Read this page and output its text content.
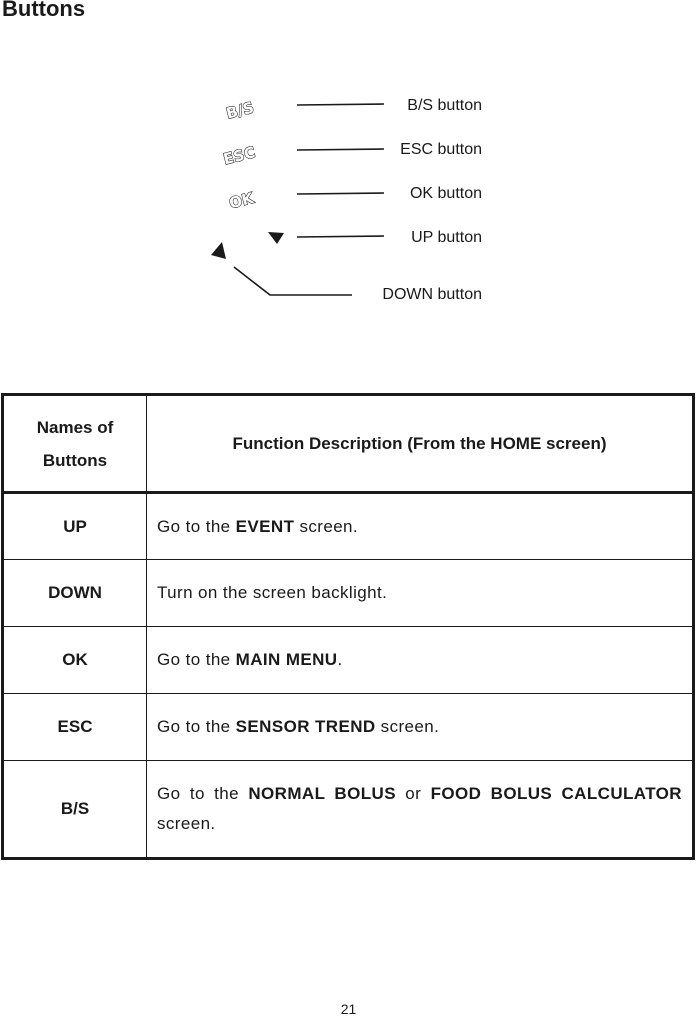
Buttons
B/S
ESC
OK
B/S button
ESC button
OK button
UP button
DOWN button
Names of
Buttons	Function Description (From the HOME screen)
UP	Go to the EVENT screen.
DOWN	Turn on the screen backlight.
OK	Go to the MAIN MENU.
ESC	Go to the SENSOR TREND screen.
B/S	Go to the NORMAL BOLUS or FOOD BOLUS CALCULATOR screen.
21
